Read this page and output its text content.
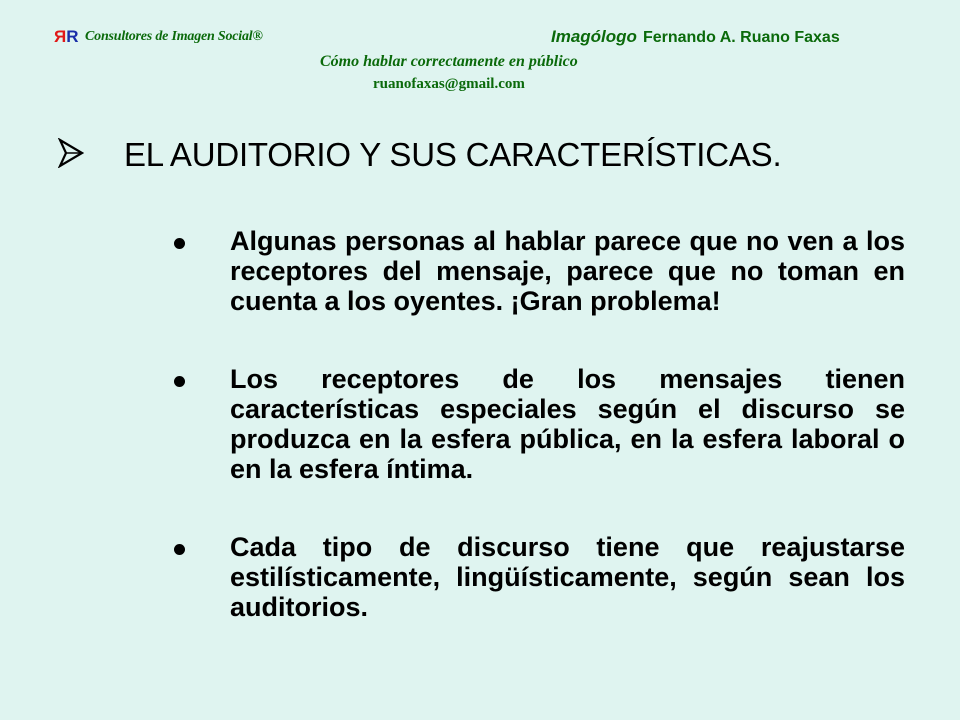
RR Consultores de Imagen Social®	Imagólogo Fernando A. Ruano Faxas
Cómo hablar correctamente en público
ruanofaxas@gmail.com
EL AUDITORIO Y SUS CARACTERÍSTICAS.
Algunas personas al hablar parece que no ven a los receptores del mensaje, parece que no toman en cuenta a los oyentes. ¡Gran problema!
Los receptores de los mensajes tienen características especiales según el discurso se produzca en la esfera pública, en la esfera laboral o en la esfera íntima.
Cada tipo de discurso tiene que reajustarse estilísticamente, lingüísticamente, según sean los auditorios.
